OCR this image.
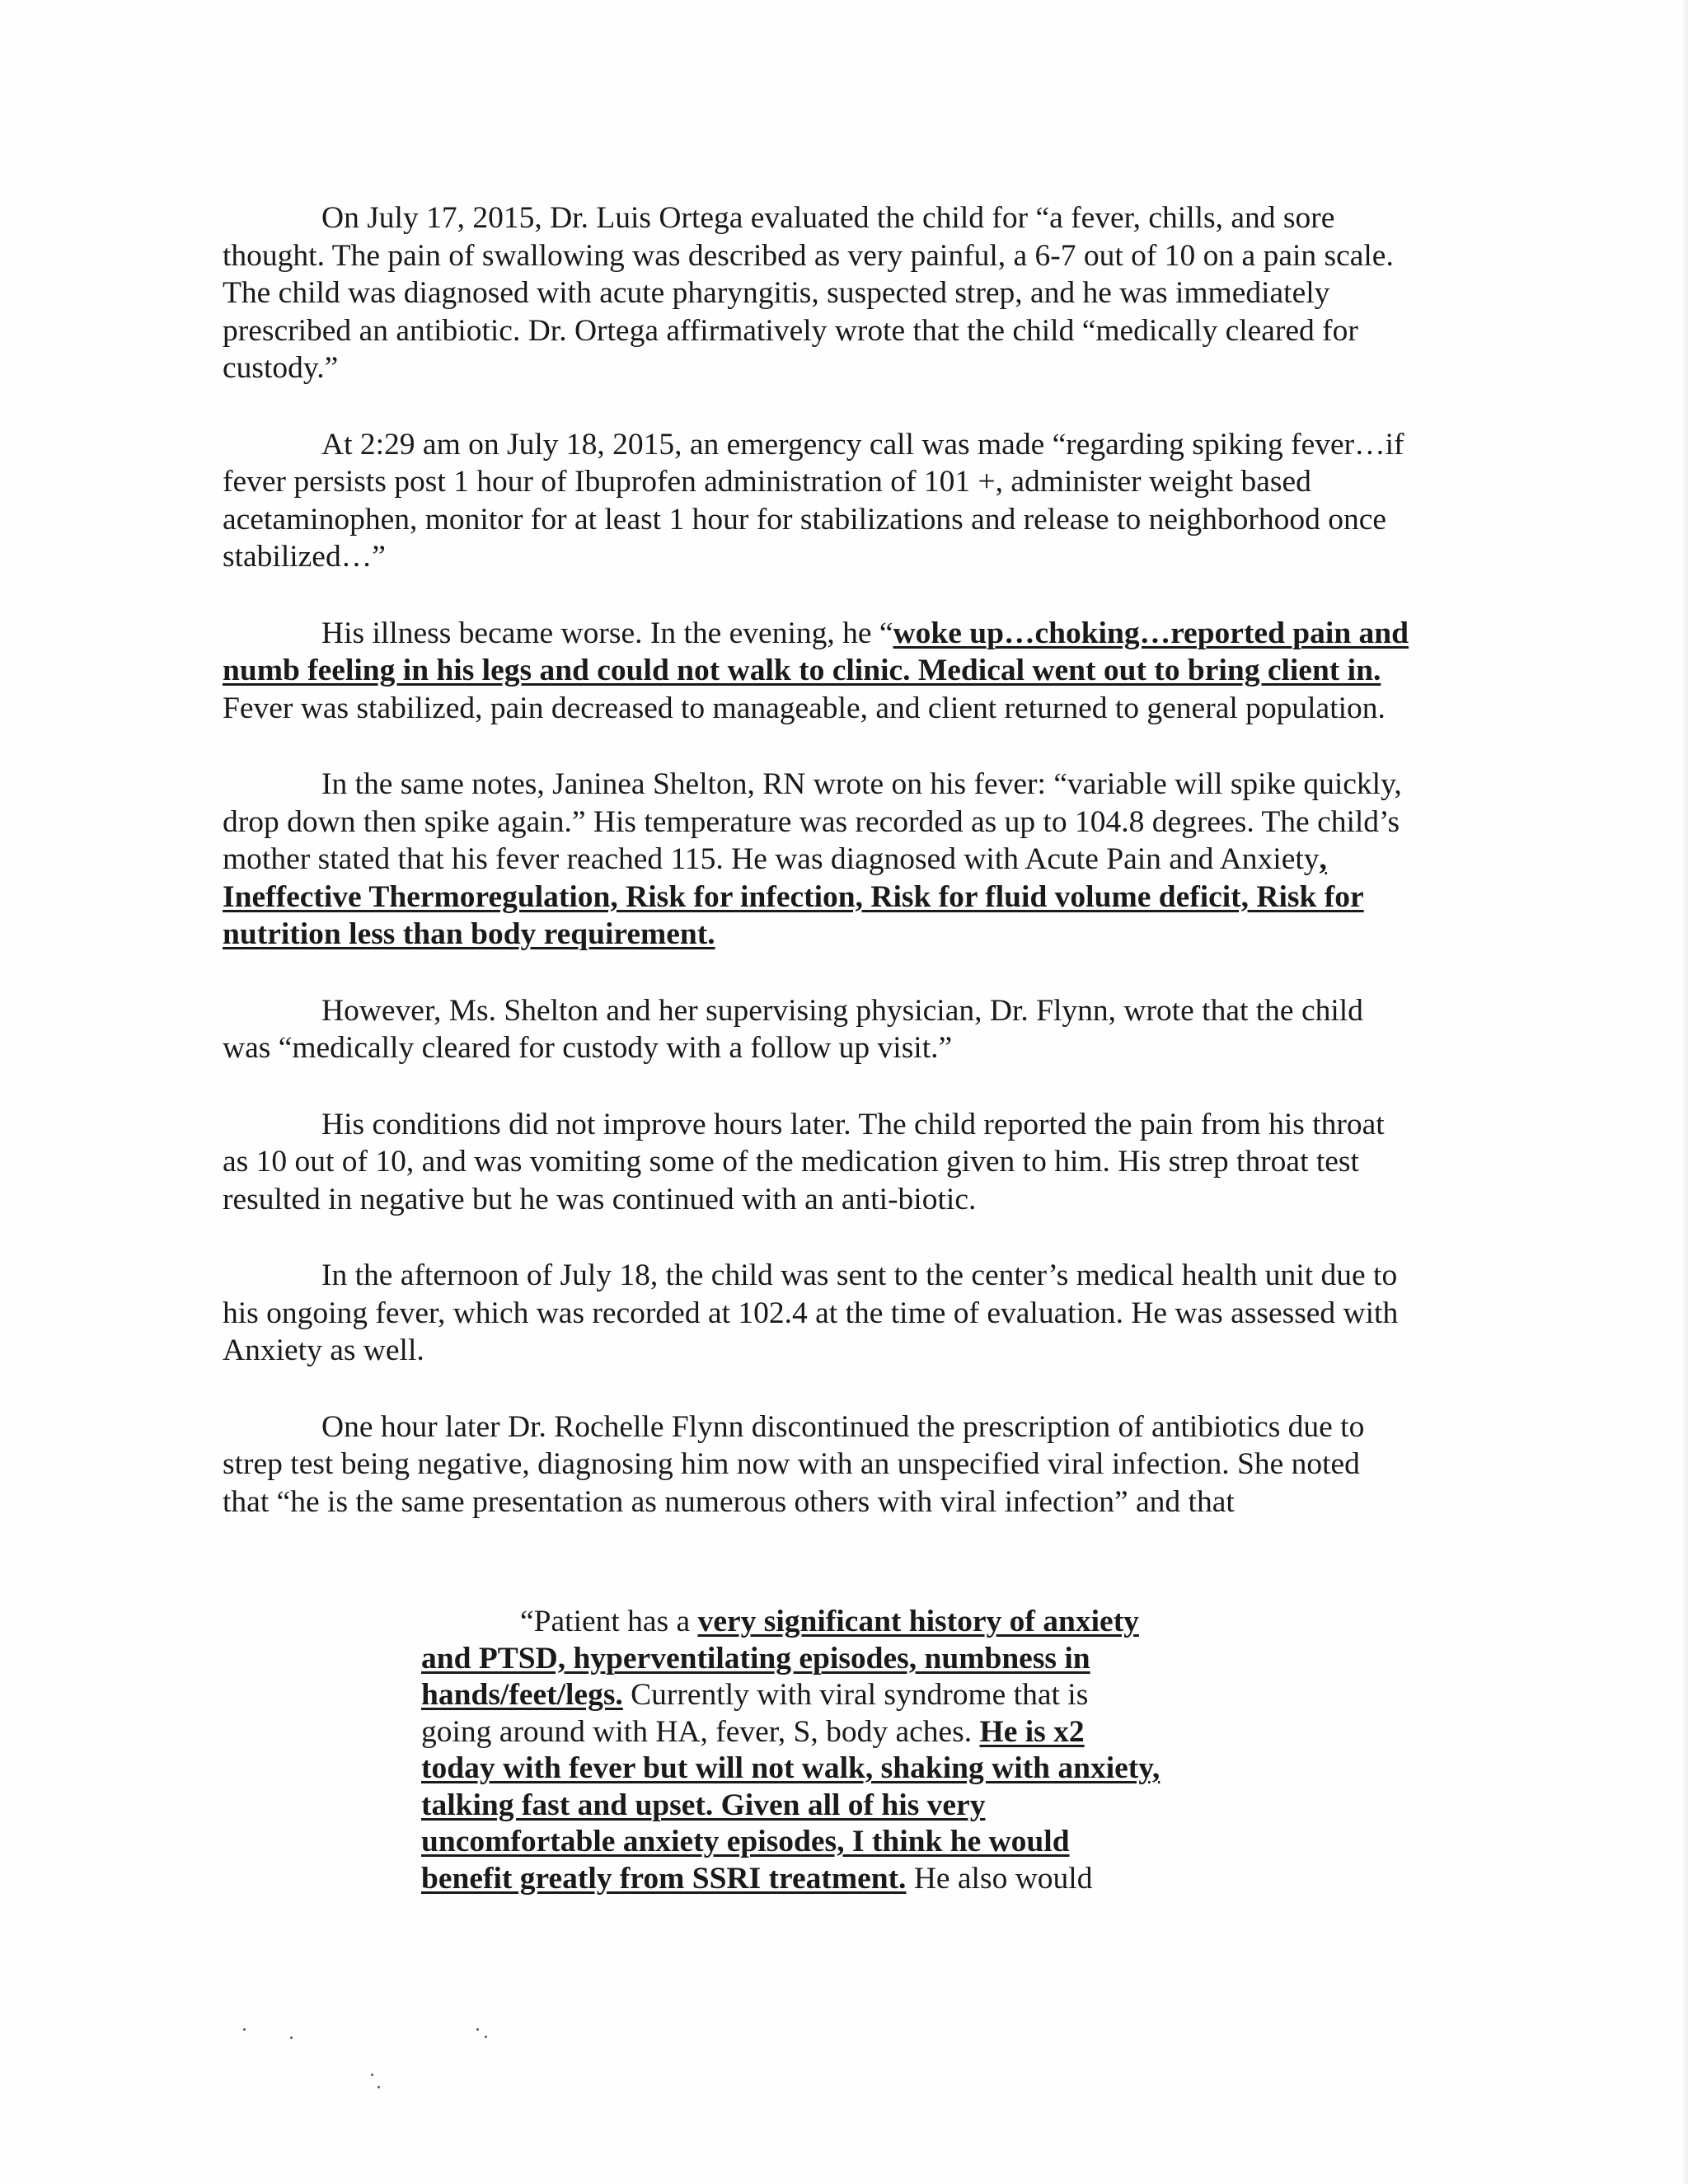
On July 17, 2015, Dr. Luis Ortega evaluated the child for “a fever, chills, and sore thought. The pain of swallowing was described as very painful, a 6-7 out of 10 on a pain scale. The child was diagnosed with acute pharyngitis, suspected strep, and he was immediately prescribed an antibiotic. Dr. Ortega affirmatively wrote that the child “medically cleared for custody.”

At 2:29 am on July 18, 2015, an emergency call was made “regarding spiking fever…if fever persists post 1 hour of Ibuprofen administration of 101 +, administer weight based acetaminophen, monitor for at least 1 hour for stabilizations and release to neighborhood once stabilized…”

His illness became worse. In the evening, he “woke up…choking…reported pain and numb feeling in his legs and could not walk to clinic. Medical went out to bring client in. Fever was stabilized, pain decreased to manageable, and client returned to general population.

In the same notes, Janinea Shelton, RN wrote on his fever: “variable will spike quickly, drop down then spike again.” His temperature was recorded as up to 104.8 degrees. The child’s mother stated that his fever reached 115. He was diagnosed with Acute Pain and Anxiety, Ineffective Thermoregulation, Risk for infection, Risk for fluid volume deficit, Risk for nutrition less than body requirement.

However, Ms. Shelton and her supervising physician, Dr. Flynn, wrote that the child was “medically cleared for custody with a follow up visit.”

His conditions did not improve hours later. The child reported the pain from his throat as 10 out of 10, and was vomiting some of the medication given to him. His strep throat test resulted in negative but he was continued with an anti-biotic.

In the afternoon of July 18, the child was sent to the center’s medical health unit due to his ongoing fever, which was recorded at 102.4 at the time of evaluation. He was assessed with Anxiety as well.

One hour later Dr. Rochelle Flynn discontinued the prescription of antibiotics due to strep test being negative, diagnosing him now with an unspecified viral infection. She noted that “he is the same presentation as numerous others with viral infection” and that

“Patient has a very significant history of anxiety
and PTSD, hyperventilating episodes, numbness in
hands/feet/legs. Currently with viral syndrome that is
going around with HA, fever, S, body aches. He is x2
today with fever but will not walk, shaking with anxiety,
talking fast and upset. Given all of his very
uncomfortable anxiety episodes, I think he would
benefit greatly from SSRI treatment. He also would
